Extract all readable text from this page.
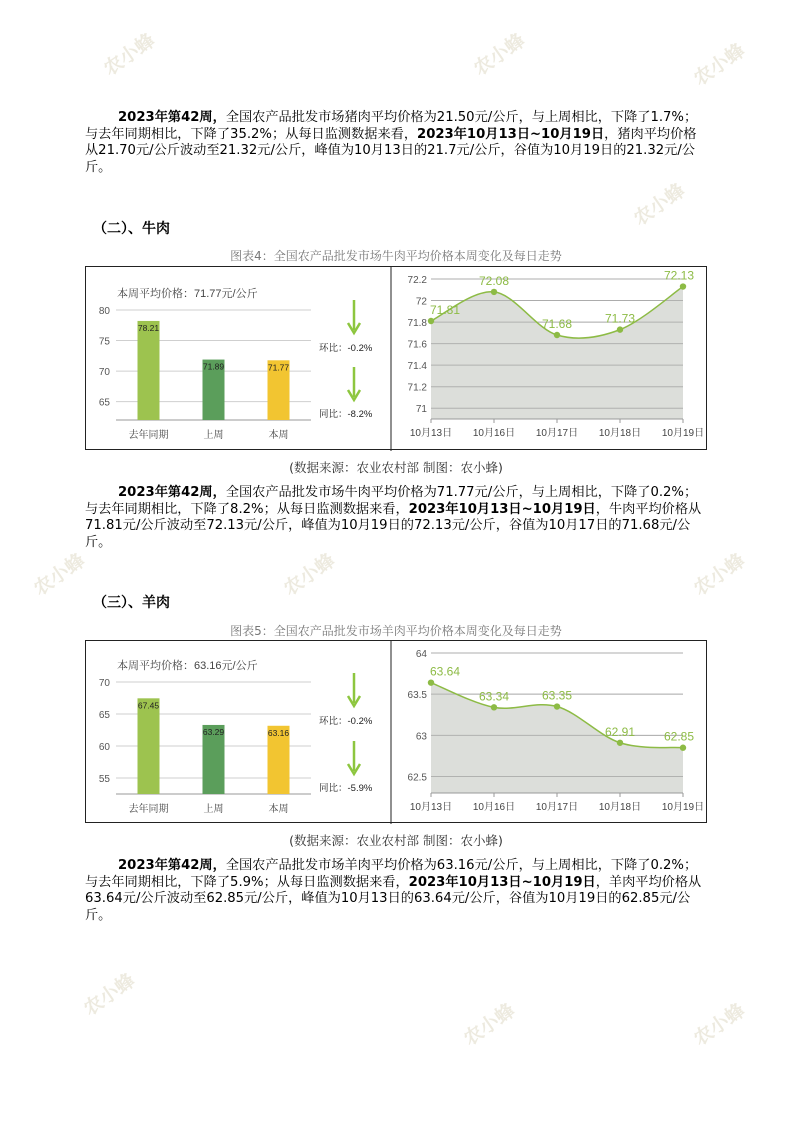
农小蜂	农小蜂	农小蜂
农小蜂
农小蜂	农小蜂
农小蜂
农小蜂	农小蜂
农小蜂

2023年第42周，全国农产品批发市场猪肉平均价格为21.50元/公斤，与上周相比，下降了1.7%；与去年同期相比，下降了35.2%；从每日监测数据来看，2023年10月13日~10月19日，猪肉平均价格从21.70元/公斤波动至21.32元/公斤，峰值为10月13日的21.7元/公斤，谷值为10月19日的21.32元/公斤。

（二）、牛肉
图表4：全国农产品批发市场牛肉平均价格本周变化及每日走势
本周平均价格：71.77元/公斤
65
70
75
80
78.21
去年同期
71.89
上周
71.77
本周
环比：-0.2%
同比：-8.2%	71
71.2
71.4
71.6
71.8
72
72.2
71.81
72.08
71.68	71.73
72.13
10月13日 10月16日 10月17日 10月18日 10月19日
(数据来源：农业农村部 制图：农小蜂)

2023年第42周，全国农产品批发市场牛肉平均价格为71.77元/公斤，与上周相比，下降了0.2%；与去年同期相比，下降了8.2%；从每日监测数据来看，2023年10月13日~10月19日，牛肉平均价格从71.81元/公斤波动至72.13元/公斤，峰值为10月19日的72.13元/公斤，谷值为10月17日的71.68元/公斤。

（三）、羊肉
图表5：全国农产品批发市场羊肉平均价格本周变化及每日走势
本周平均价格：63.16元/公斤
55
60
65
70
67.45
去年同期
63.29
上周
63.16
本周
环比：-0.2%
同比：-5.9%
62.5
63
63.5
64
63.64
63.34	63.35
62.91 62.85
10月13日 10月16日 10月17日 10月18日 10月19日
(数据来源：农业农村部 制图：农小蜂)

2023年第42周，全国农产品批发市场羊肉平均价格为63.16元/公斤，与上周相比，下降了0.2%；与去年同期相比，下降了5.9%；从每日监测数据来看，2023年10月13日~10月19日，羊肉平均价格从63.64元/公斤波动至62.85元/公斤，峰值为10月13日的63.64元/公斤，谷值为10月19日的62.85元/公斤。
